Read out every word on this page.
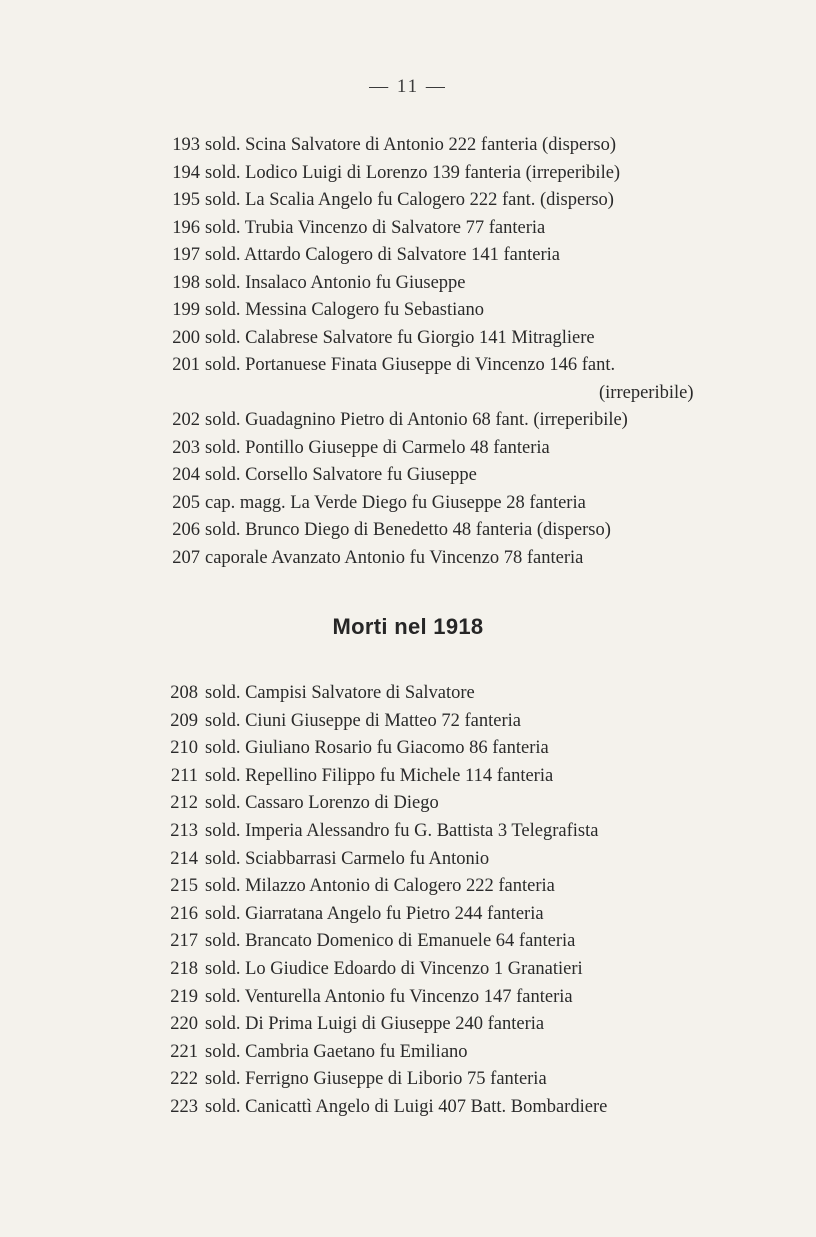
— 11 —
193 sold. Scina Salvatore di Antonio 222 fanteria (disperso)
194 sold. Lodico Luigi di Lorenzo 139 fanteria (irreperibile)
195 sold. La Scalia Angelo fu Calogero 222 fant. (disperso)
196 sold. Trubia Vincenzo di Salvatore 77 fanteria
197 sold. Attardo Calogero di Salvatore 141 fanteria
198 sold. Insalaco Antonio fu Giuseppe
199 sold. Messina Calogero fu Sebastiano
200 sold. Calabrese Salvatore fu Giorgio 141 Mitragliere
201 sold. Portanuese Finata Giuseppe di Vincenzo 146 fant.
(irreperibile)
202 sold. Guadagnino Pietro di Antonio 68 fant. (irreperibile)
203 sold. Pontillo Giuseppe di Carmelo 48 fanteria
204 sold. Corsello Salvatore fu Giuseppe
205 cap. magg. La Verde Diego fu Giuseppe 28 fanteria
206 sold. Brunco Diego di Benedetto 48 fanteria (disperso)
207 caporale Avanzato Antonio fu Vincenzo 78 fanteria
Morti nel 1918
208 sold. Campisi Salvatore di Salvatore
209 sold. Ciuni Giuseppe di Matteo 72 fanteria
210 sold. Giuliano Rosario fu Giacomo 86 fanteria
211 sold. Repellino Filippo fu Michele 114 fanteria
212 sold. Cassaro Lorenzo di Diego
213 sold. Imperia Alessandro fu G. Battista 3 Telegrafista
214 sold. Sciabbarrasi Carmelo fu Antonio
215 sold. Milazzo Antonio di Calogero 222 fanteria
216 sold. Giarratana Angelo fu Pietro 244 fanteria
217 sold. Brancato Domenico di Emanuele 64 fanteria
218 sold. Lo Giudice Edoardo di Vincenzo 1 Granatieri
219 sold. Venturella Antonio fu Vincenzo 147 fanteria
220 sold. Di Prima Luigi di Giuseppe 240 fanteria
221 sold. Cambria Gaetano fu Emiliano
222 sold. Ferrigno Giuseppe di Liborio 75 fanteria
223 sold. Canicattì Angelo di Luigi 407 Batt. Bombardiere
